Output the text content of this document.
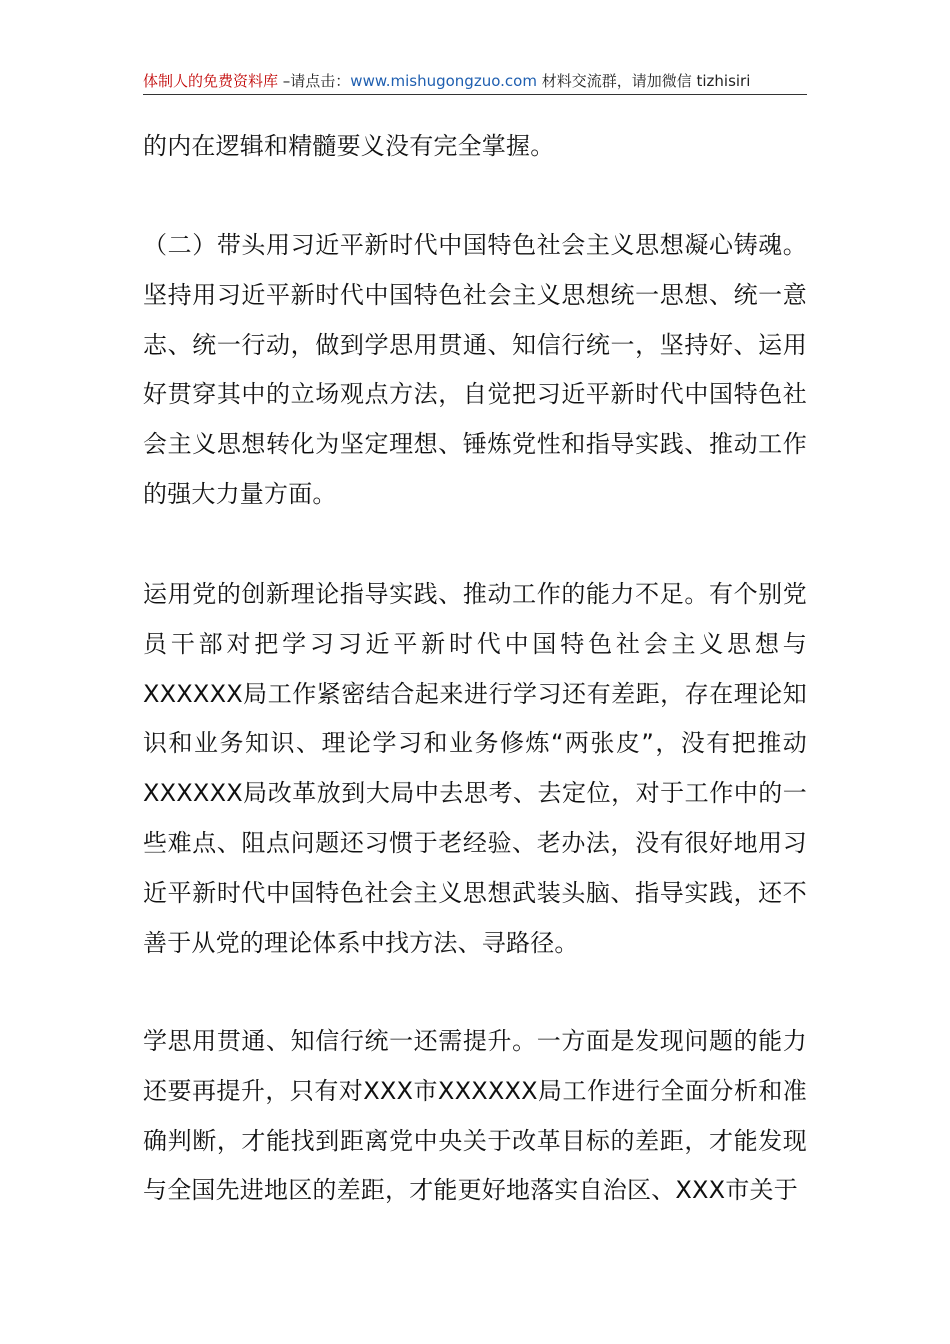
体制人的免费资料库 –请点击：www.mishugongzuo.com 材料交流群，请加微信 tizhisiri

的内在逻辑和精髓要义没有完全掌握。

（二）带头用习近平新时代中国特色社会主义思想凝心铸魂。坚持用习近平新时代中国特色社会主义思想统一思想、统一意志、统一行动，做到学思用贯通、知信行统一，坚持好、运用好贯穿其中的立场观点方法，自觉把习近平新时代中国特色社会主义思想转化为坚定理想、锤炼党性和指导实践、推动工作的强大力量方面。

运用党的创新理论指导实践、推动工作的能力不足。有个别党员干部对把学习习近平新时代中国特色社会主义思想与XXXXXX局工作紧密结合起来进行学习还有差距，存在理论知识和业务知识、理论学习和业务修炼“两张皮”，没有把推动XXXXXX局改革放到大局中去思考、去定位，对于工作中的一些难点、阻点问题还习惯于老经验、老办法，没有很好地用习近平新时代中国特色社会主义思想武装头脑、指导实践，还不善于从党的理论体系中找方法、寻路径。

学思用贯通、知信行统一还需提升。一方面是发现问题的能力还要再提升，只有对XXX市XXXXXX局工作进行全面分析和准确判断，才能找到距离党中央关于改革目标的差距，才能发现与全国先进地区的差距，才能更好地落实自治区、XXX市关于
